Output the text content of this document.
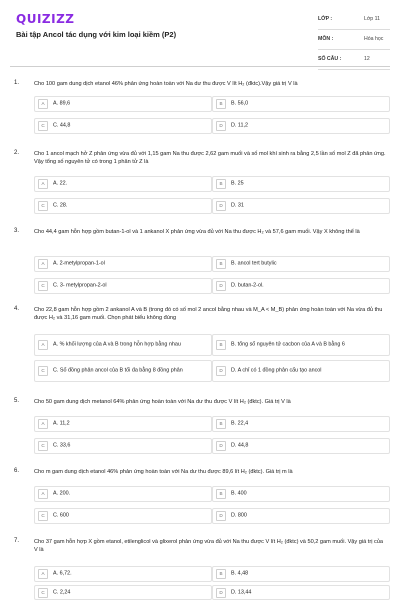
QUIZIZZ
Bài tập Ancol tác dụng với kim loại kiềm (P2)
LỚP :	Lớp 11
MÔN :	Hóa học
SỐ CÂU :	12
1.	Cho 100 gam dung dịch etanol 46% phản ứng hoàn toàn với Na dư thu được V lít H₂ (đktc).Vậy giá trị V là
A	A. 89,6	B	B. 56,0
C	C. 44,8	D	D. 11,2
2.	Cho 1 ancol mạch hở Z phản ứng vừa đủ với 1,15 gam Na thu được 2,62 gam muối và số mol khí sinh ra bằng 2,5 lần số mol Z đã phản ứng. Vậy tổng số nguyên tử có trong 1 phân tử Z là
A	A. 22.	B	B. 25
C	C. 28.	D	D. 31
3.	Cho 44,4 gam hỗn hợp gồm butan-1-ol và 1 ankanol X phản ứng vừa đủ với Na thu được H₂ và 57,6 gam muối. Vậy X không thể là
A	A. 2-metylpropan-1-ol	B	B. ancol tert butylic
C	C. 3- metylpropan-2-ol	D	D. butan-2-ol.
4.	Cho 22,8 gam hỗn hợp gồm 2 ankanol A và B (trong đó có số mol 2 ancol bằng nhau và M_A < M_B) phản ứng hoàn toàn với Na vừa đủ thu được H₂ và 31,16 gam muối. Chọn phát biểu không đúng
A	A. % khối lượng của A và B trong hỗn hợp bằng nhau	B	B. tổng số nguyên tử cacbon của A và B bằng 6
C	C. Số đồng phân ancol của B tối đa bằng 8 đồng phân	D	D. A chỉ có 1 đồng phân cấu tạo ancol
5.	Cho 50 gam dung dịch metanol 64% phản ứng hoàn toàn với Na dư thu được V lít H₂ (đktc). Giá trị V là
A	A. 11,2	B	B. 22,4
C	C. 33,6	D	D. 44,8
6.	Cho m gam dung dịch etanol 46% phản ứng hoàn toàn với Na dư thu được 89,6 lít H₂ (đktc). Giá trị m là
A	A. 200.	B	B. 400
C	C. 600	D	D. 800
7.	Cho 37 gam hỗn hợp X gồm etanol, etilenglicol và glixerol phản ứng vừa đủ với Na thu được V lít H₂ (đktc) và 50,2 gam muối. Vậy giá trị của V là
A	A. 6,72.	B	B. 4,48
C	C. 2,24	D	D. 13,44
